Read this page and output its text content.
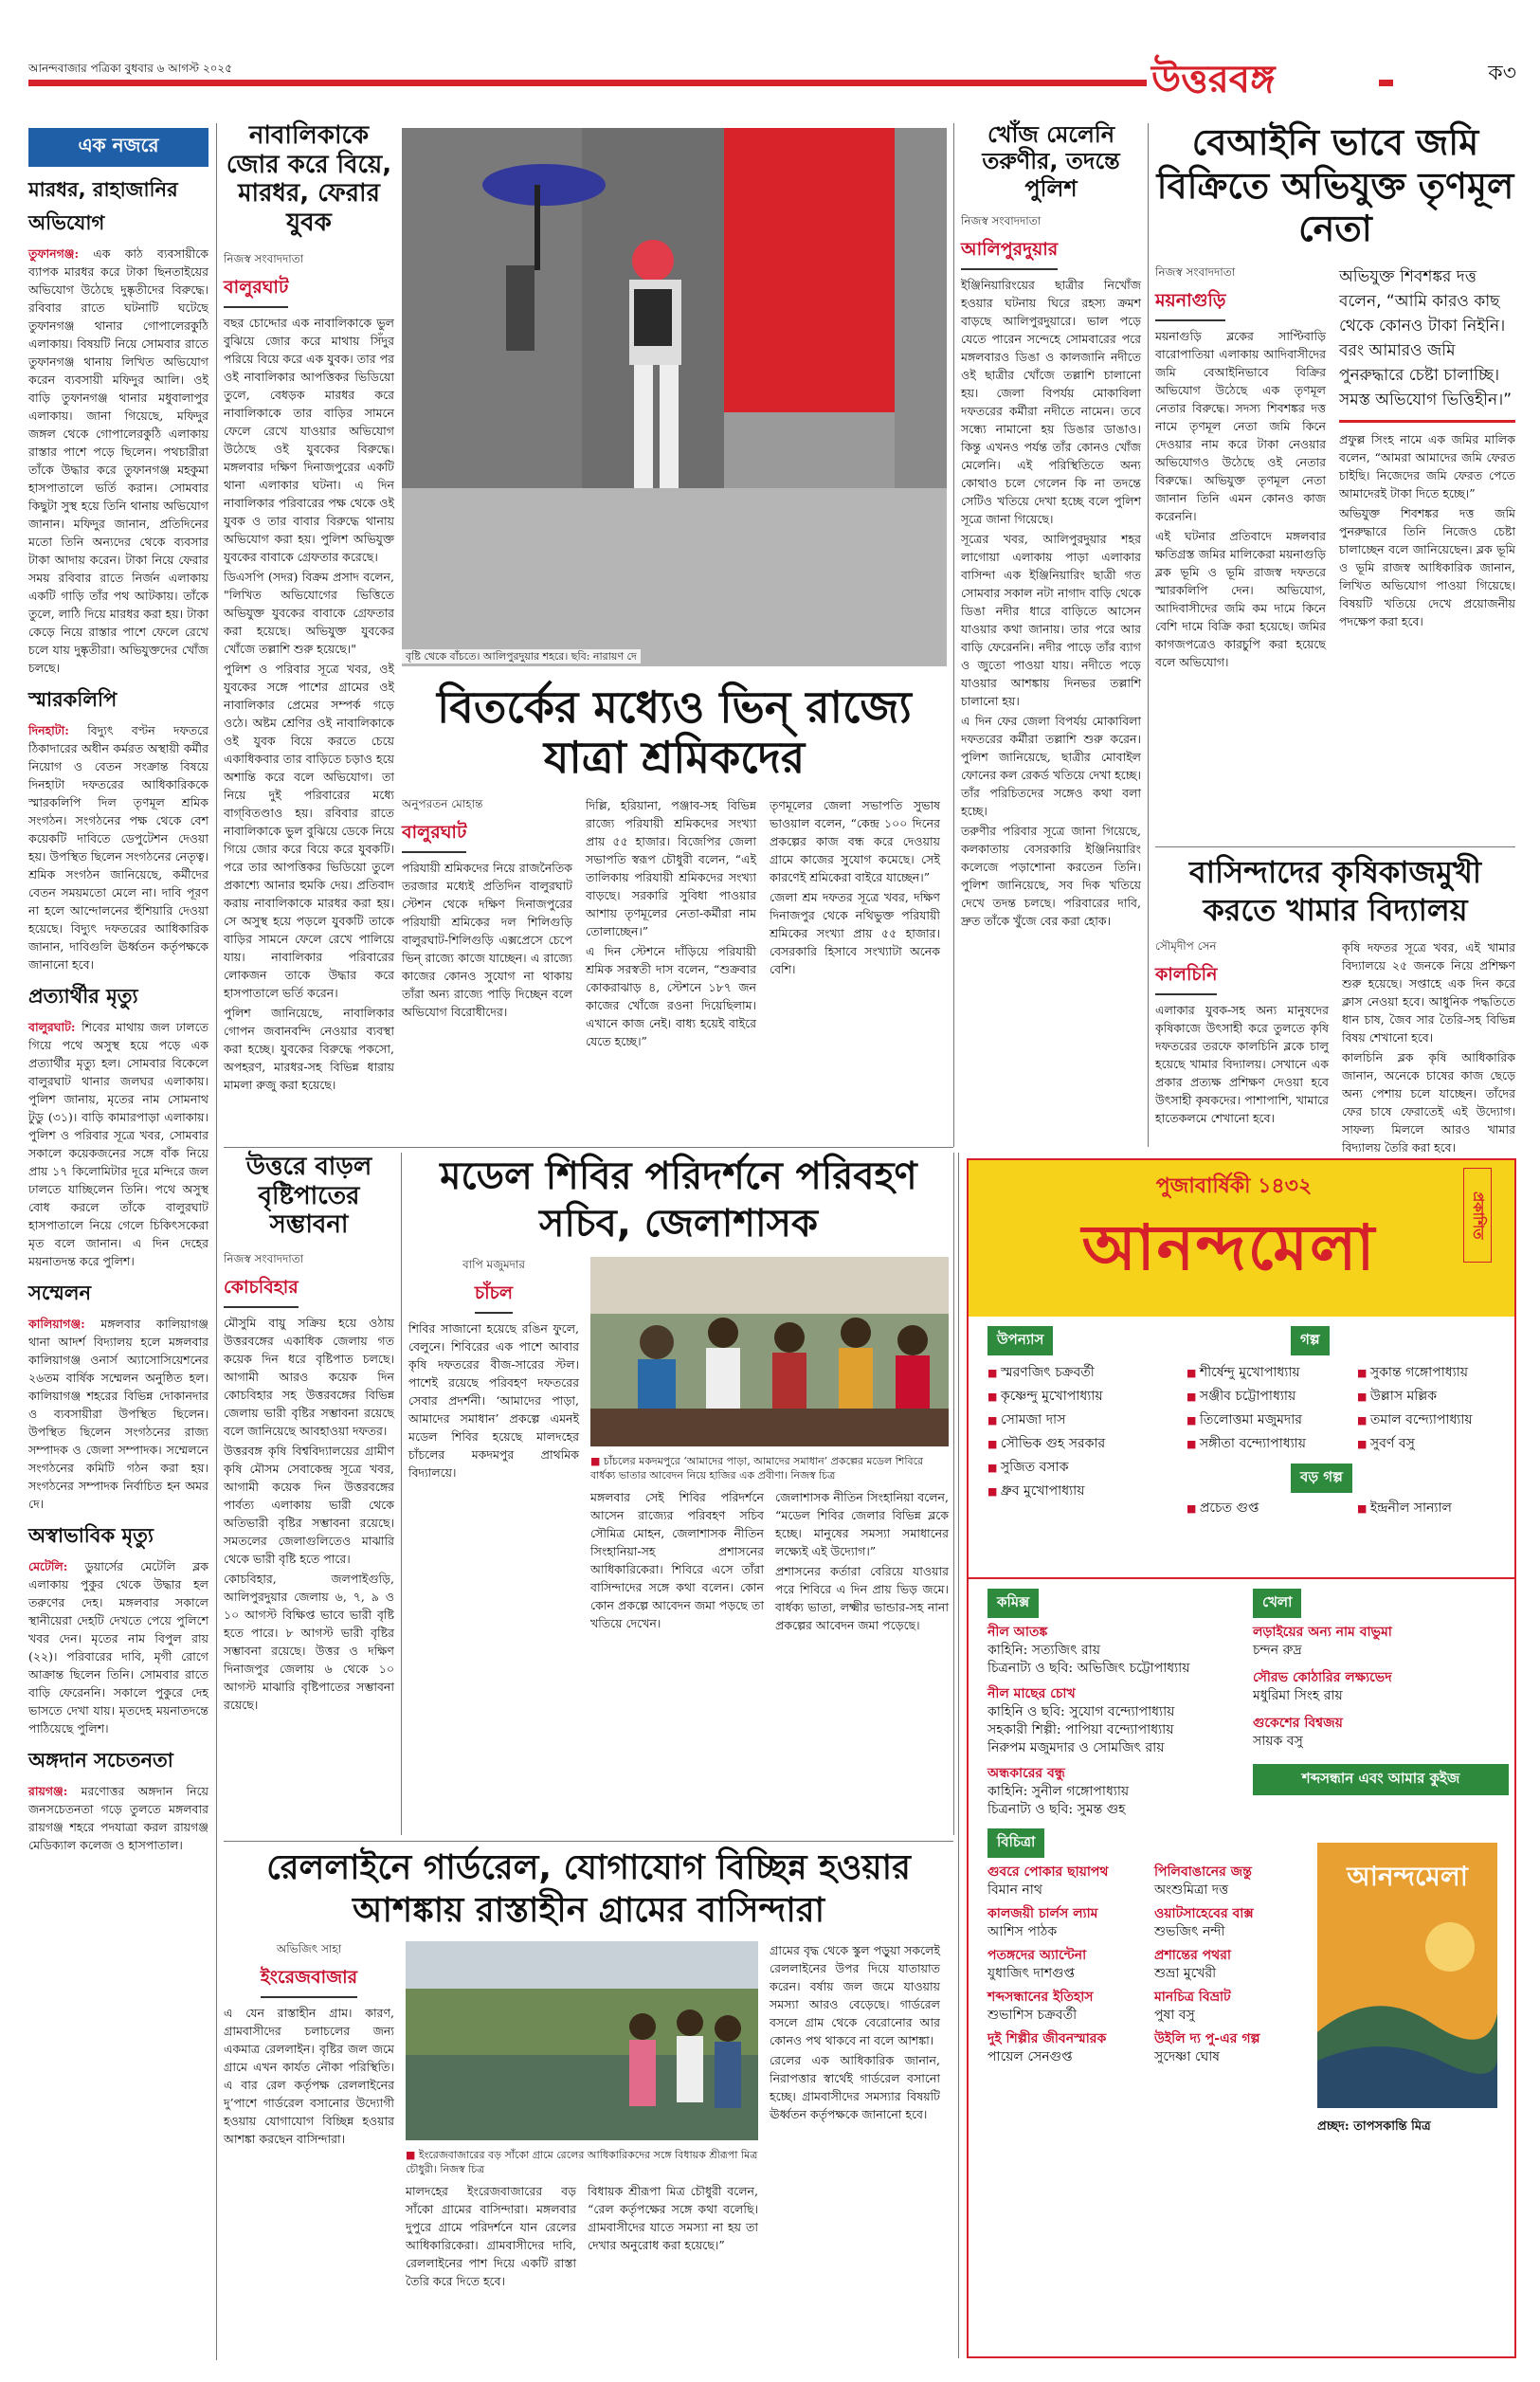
আনন্দবাজার পত্রিকা বুধবার ৬ আগস্ট ২০২৫	উত্তরবঙ্গ	ক৩
এক নজরে
মারধর, রাহাজানির অভিযোগ

তুফানগঞ্জ: এক কাঠ ব্যবসায়ীকে ব্যাপক মারধর করে টাকা ছিনতাইয়ের অভিযোগ উঠেছে দুষ্কৃতীদের বিরুদ্ধে। রবিবার রাতে ঘটনাটি ঘটেছে তুফানগঞ্জ থানার গোপালেরকুঠি এলাকায়। বিষয়টি নিয়ে সোমবার রাতে তুফানগঞ্জ থানায় লিখিত অভিযোগ করেন ব্যবসায়ী মফিদুর আলি। ওই বাড়ি তুফানগঞ্জ থানার মধুবালাপুর এলাকায়। জানা গিয়েছে, মফিদুর জঙ্গল থেকে গোপালেরকুঠি এলাকায় রাস্তার পাশে পড়ে ছিলেন। পথচারীরা তাঁকে উদ্ধার করে তুফানগঞ্জ মহকুমা হাসপাতালে ভর্তি করান। সোমবার কিছুটা সুস্থ হয়ে তিনি থানায় অভিযোগ জানান। মফিদুর জানান, প্রতিদিনের মতো তিনি অন্যদের থেকে ব্যবসার টাকা আদায় করেন। টাকা নিয়ে ফেরার সময় রবিবার রাতে নির্জন এলাকায় একটি গাড়ি তাঁর পথ আটকায়। তাঁকে তুলে, লাঠি দিয়ে মারধর করা হয়। টাকা কেড়ে নিয়ে রাস্তার পাশে ফেলে রেখে চলে যায় দুষ্কৃতীরা। অভিযুক্তদের খোঁজ চলছে।

স্মারকলিপি

দিনহাটা: বিদ্যুৎ বণ্টন দফতরে ঠিকাদারের অধীন কর্মরত অস্থায়ী কর্মীর নিয়োগ ও বেতন সংক্রান্ত বিষয়ে দিনহাটা দফতরের আধিকারিককে স্মারকলিপি দিল তৃণমূল শ্রমিক সংগঠন। সংগঠনের পক্ষ থেকে বেশ কয়েকটি দাবিতে ডেপুটেশন দেওয়া হয়। উপস্থিত ছিলেন সংগঠনের নেতৃত্ব। শ্রমিক সংগঠন জানিয়েছে, কর্মীদের বেতন সময়মতো মেলে না। দাবি পূরণ না হলে আন্দোলনের হুঁশিয়ারি দেওয়া হয়েছে। বিদ্যুৎ দফতরের আধিকারিক জানান, দাবিগুলি ঊর্ধ্বতন কর্তৃপক্ষকে জানানো হবে।

প্রত্যার্থীর মৃত্যু

বালুরঘাট: শিবের মাথায় জল ঢালতে গিয়ে পথে অসুস্থ হয়ে পড়ে এক প্রত্যার্থীর মৃত্যু হল। সোমবার বিকেলে বালুরঘাট থানার জলঘর এলাকায়। পুলিশ জানায়, মৃতের নাম সোমনাথ টুডু (৩১)। বাড়ি কামারপাড়া এলাকায়। পুলিশ ও পরিবার সূত্রে খবর, সোমবার সকালে কয়েকজনের সঙ্গে বাঁক নিয়ে প্রায় ১৭ কিলোমিটার দূরে মন্দিরে জল ঢালতে যাচ্ছিলেন তিনি। পথে অসুস্থ বোধ করলে তাঁকে বালুরঘাট হাসপাতালে নিয়ে গেলে চিকিৎসকেরা মৃত বলে জানান। এ দিন দেহের ময়নাতদন্ত করে পুলিশ।

সম্মেলন

কালিয়াগঞ্জ: মঙ্গলবার কালিয়াগঞ্জ থানা আদর্শ বিদ্যালয় হলে মঙ্গলবার কালিয়াগঞ্জ ওনার্স অ্যাসোসিয়েশনের ২৬তম বার্ষিক সম্মেলন অনুষ্ঠিত হল। কালিয়াগঞ্জ শহরের বিভিন্ন দোকানদার ও ব্যবসায়ীরা উপস্থিত ছিলেন। উপস্থিত ছিলেন সংগঠনের রাজ্য সম্পাদক ও জেলা সম্পাদক। সম্মেলনে সংগঠনের কমিটি গঠন করা হয়। সংগঠনের সম্পাদক নির্বাচিত হন অমর দে।

অস্বাভাবিক মৃত্যু

মেটেলি: ডুয়ার্সের মেটেলি ব্লক এলাকায় পুকুর থেকে উদ্ধার হল তরুণের দেহ। মঙ্গলবার সকালে স্থানীয়েরা দেহটি দেখতে পেয়ে পুলিশে খবর দেন। মৃতের নাম বিপুল রায় (২২)। পরিবারের দাবি, মৃগী রোগে আক্রান্ত ছিলেন তিনি। সোমবার রাতে বাড়ি ফেরেননি। সকালে পুকুরে দেহ ভাসতে দেখা যায়। মৃতদেহ ময়নাতদন্তে পাঠিয়েছে পুলিশ।

অঙ্গদান সচেতনতা

রায়গঞ্জ: মরণোত্তর অঙ্গদান নিয়ে জনসচেতনতা গড়ে তুলতে মঙ্গলবার রায়গঞ্জ শহরে পদযাত্রা করল রায়গঞ্জ মেডিক্যাল কলেজ ও হাসপাতাল।

নাবালিকাকে জোর করে বিয়ে, মারধর, ফেরার যুবক
নিজস্ব সংবাদদাতা
বালুরঘাট

বছর চোদ্দোর এক নাবালিকাকে ভুল বুঝিয়ে জোর করে মাথায় সিঁদুর পরিয়ে বিয়ে করে এক যুবক। তার পর ওই নাবালিকার আপত্তিকর ভিডিয়ো তুলে, বেধড়ক মারধর করে নাবালিকাকে তার বাড়ির সামনে ফেলে রেখে যাওয়ার অভিযোগ উঠেছে ওই যুবকের বিরুদ্ধে। মঙ্গলবার দক্ষিণ দিনাজপুরের একটি থানা এলাকার ঘটনা। এ দিন নাবালিকার পরিবারের পক্ষ থেকে ওই যুবক ও তার বাবার বিরুদ্ধে থানায় অভিযোগ করা হয়। পুলিশ অভিযুক্ত যুবকের বাবাকে গ্রেফতার করেছে।

ডিএসপি (সদর) বিক্রম প্রসাদ বলেন, "লিখিত অভিযোগের ভিত্তিতে অভিযুক্ত যুবকের বাবাকে গ্রেফতার করা হয়েছে। অভিযুক্ত যুবকের খোঁজে তল্লাশি শুরু হয়েছে।"

পুলিশ ও পরিবার সূত্রে খবর, ওই যুবকের সঙ্গে পাশের গ্রামের ওই নাবালিকার প্রেমের সম্পর্ক গড়ে ওঠে। অষ্টম শ্রেণির ওই নাবালিকাকে ওই যুবক বিয়ে করতে চেয়ে একাধিকবার তার বাড়িতে চড়াও হয়ে অশান্তি করে বলে অভিযোগ। তা নিয়ে দুই পরিবারের মধ্যে বাগ্‌বিতণ্ডাও হয়। রবিবার রাতে নাবালিকাকে ভুল বুঝিয়ে ডেকে নিয়ে গিয়ে জোর করে বিয়ে করে যুবকটি। পরে তার আপত্তিকর ভিডিয়ো তুলে প্রকাশ্যে আনার হুমকি দেয়। প্রতিবাদ করায় নাবালিকাকে মারধর করা হয়। সে অসুস্থ হয়ে পড়লে যুবকটি তাকে বাড়ির সামনে ফেলে রেখে পালিয়ে যায়। নাবালিকার পরিবারের লোকজন তাকে উদ্ধার করে হাসপাতালে ভর্তি করেন।

পুলিশ জানিয়েছে, নাবালিকার গোপন জবানবন্দি নেওয়ার ব্যবস্থা করা হচ্ছে। যুবকের বিরুদ্ধে পকসো, অপহরণ, মারধর-সহ বিভিন্ন ধারায় মামলা রুজু করা হয়েছে।

বৃষ্টি থেকে বাঁচতে। আলিপুরদুয়ার শহরে। ছবি: নারায়ণ দে
বিতর্কের মধ্যেও ভিন্ রাজ্যে যাত্রা শ্রমিকদের
অনুপরতন মোহান্ত
বালুরঘাট

পরিযায়ী শ্রমিকদের নিয়ে রাজনৈতিক তরজার মধ্যেই প্রতিদিন বালুরঘাট স্টেশন থেকে দক্ষিণ দিনাজপুরের পরিযায়ী শ্রমিকের দল শিলিগুড়ি বালুরঘাট-শিলিগুড়ি এক্সপ্রেসে চেপে ভিন্ রাজ্যে কাজে যাচ্ছেন। এ রাজ্যে কাজের কোনও সুযোগ না থাকায় তাঁরা অন্য রাজ্যে পাড়ি দিচ্ছেন বলে অভিযোগ বিরোধীদের।

দিল্লি, হরিয়ানা, পঞ্জাব-সহ বিভিন্ন রাজ্যে পরিযায়ী শ্রমিকদের সংখ্যা প্রায় ৫৫ হাজার। বিজেপির জেলা সভাপতি স্বরূপ চৌধুরী বলেন, “এই তালিকায় পরিযায়ী শ্রমিকদের সংখ্যা বাড়ছে। সরকারি সুবিধা পাওয়ার আশায় তৃণমূলের নেতা-কর্মীরা নাম তোলাচ্ছেন।”

এ দিন স্টেশনে দাঁড়িয়ে পরিযায়ী শ্রমিক সরস্বতী দাস বলেন, “শুক্রবার কোকরাঝাড় ৪, স্টেশনে ১৮৭ জন কাজের খোঁজে রওনা দিয়েছিলাম। এখানে কাজ নেই। বাধ্য হয়েই বাইরে যেতে হচ্ছে।”

তৃণমূলের জেলা সভাপতি সুভাষ ভাওয়াল বলেন, “কেন্দ্র ১০০ দিনের প্রকল্পের কাজ বন্ধ করে দেওয়ায় গ্রামে কাজের সুযোগ কমেছে। সেই কারণেই শ্রমিকেরা বাইরে যাচ্ছেন।”

জেলা শ্রম দফতর সূত্রে খবর, দক্ষিণ দিনাজপুর থেকে নথিভুক্ত পরিযায়ী শ্রমিকের সংখ্যা প্রায় ৫৫ হাজার। বেসরকারি হিসাবে সংখ্যাটা অনেক বেশি।

খোঁজ মেলেনি তরুণীর, তদন্তে পুলিশ
নিজস্ব সংবাদদাতা
আলিপুরদুয়ার

ইঞ্জিনিয়ারিংয়ের ছাত্রীর নিখোঁজ হওয়ার ঘটনায় ঘিরে রহস্য ক্রমশ বাড়ছে আলিপুরদুয়ারে। ভাল পড়ে যেতে পারেন সন্দেহে সোমবারের পরে মঙ্গলবারও ডিঙা ও কালজানি নদীতে ওই ছাত্রীর খোঁজে তল্লাশি চালানো হয়। জেলা বিপর্যয় মোকাবিলা দফতরের কর্মীরা নদীতে নামেন। তবে সন্ধ্যে নামানো হয় ডিঙার ডাঙাও। কিন্তু এখনও পর্যন্ত তাঁর কোনও খোঁজ মেলেনি। এই পরিস্থিতিতে অন্য কোথাও চলে গেলেন কি না তদন্তে সেটিও খতিয়ে দেখা হচ্ছে বলে পুলিশ সূত্রে জানা গিয়েছে।

সূত্রের খবর, আলিপুরদুয়ার শহর লাগোয়া এলাকায় পাড়া এলাকার বাসিন্দা এক ইঞ্জিনিয়ারিং ছাত্রী গত সোমবার সকাল নটা নাগাদ বাড়ি থেকে ডিঙা নদীর ধারে বাড়িতে আসেন যাওয়ার কথা জানায়। তার পরে আর বাড়ি ফেরেননি। নদীর পাড়ে তাঁর ব্যাগ ও জুতো পাওয়া যায়। নদীতে পড়ে যাওয়ার আশঙ্কায় দিনভর তল্লাশি চালানো হয়।

এ দিন ফের জেলা বিপর্যয় মোকাবিলা দফতরের কর্মীরা তল্লাশি শুরু করেন। পুলিশ জানিয়েছে, ছাত্রীর মোবাইল ফোনের কল রেকর্ড খতিয়ে দেখা হচ্ছে। তাঁর পরিচিতদের সঙ্গেও কথা বলা হচ্ছে।

তরুণীর পরিবার সূত্রে জানা গিয়েছে, কলকাতায় বেসরকারি ইঞ্জিনিয়ারিং কলেজে পড়াশোনা করতেন তিনি। পুলিশ জানিয়েছে, সব দিক খতিয়ে দেখে তদন্ত চলছে। পরিবারের দাবি, দ্রুত তাঁকে খুঁজে বের করা হোক।

বেআইনি ভাবে জমি বিক্রিতে অভিযুক্ত তৃণমূল নেতা
নিজস্ব সংবাদদাতা
ময়নাগুড়ি

ময়নাগুড়ি ব্লকের সাপ্টিবাড়ি বারোপাতিয়া এলাকায় আদিবাসীদের জমি বেআইনিভাবে বিক্রির অভিযোগ উঠেছে এক তৃণমূল নেতার বিরুদ্ধে। সদস্য শিবশঙ্কর দত্ত নামে তৃণমূল নেতা জমি কিনে দেওয়ার নাম করে টাকা নেওয়ার অভিযোগও উঠেছে ওই নেতার বিরুদ্ধে। অভিযুক্ত তৃণমূল নেতা জানান তিনি এমন কোনও কাজ করেননি।

এই ঘটনার প্রতিবাদে মঙ্গলবার ক্ষতিগ্রস্ত জমির মালিকেরা ময়নাগুড়ি ব্লক ভূমি ও ভূমি রাজস্ব দফতরে স্মারকলিপি দেন। অভিযোগ, আদিবাসীদের জমি কম দামে কিনে বেশি দামে বিক্রি করা হয়েছে। জমির কাগজপত্রেও কারচুপি করা হয়েছে বলে অভিযোগ।

অভিযুক্ত শিবশঙ্কর দত্ত বলেন, “আমি কারও কাছ থেকে কোনও টাকা নিইনি। বরং আমারও জমি পুনরুদ্ধারে চেষ্টা চালাচ্ছি। সমস্ত অভিযোগ ভিত্তিহীন।”

প্রফুল্ল সিংহ নামে এক জমির মালিক বলেন, “আমরা আমাদের জমি ফেরত চাইছি। নিজেদের জমি ফেরত পেতে আমাদেরই টাকা দিতে হচ্ছে।”

অভিযুক্ত শিবশঙ্কর দত্ত জমি পুনরুদ্ধারে তিনি নিজেও চেষ্টা চালাচ্ছেন বলে জানিয়েছেন। ব্লক ভূমি ও ভূমি রাজস্ব আধিকারিক জানান, লিখিত অভিযোগ পাওয়া গিয়েছে। বিষয়টি খতিয়ে দেখে প্রয়োজনীয় পদক্ষেপ করা হবে।

বাসিন্দাদের কৃষিকাজমুখী করতে খামার বিদ্যালয়
সৌমৃদীপ সেন
কালচিনি

এলাকার যুবক-সহ অন্য মানুষদের কৃষিকাজে উৎসাহী করে তুলতে কৃষি দফতরের তরফে কালচিনি ব্লকে চালু হয়েছে খামার বিদ্যালয়। সেখানে এক প্রকার প্রত্যক্ষ প্রশিক্ষণ দেওয়া হবে উৎসাহী কৃষকদের। পাশাপাশি, খামারে হাতেকলমে শেখানো হবে।

কৃষি দফতর সূত্রে খবর, এই খামার বিদ্যালয়ে ২৫ জনকে নিয়ে প্রশিক্ষণ শুরু হয়েছে। সপ্তাহে এক দিন করে ক্লাস নেওয়া হবে। আধুনিক পদ্ধতিতে ধান চাষ, জৈব সার তৈরি-সহ বিভিন্ন বিষয় শেখানো হবে।

কালচিনি ব্লক কৃষি আধিকারিক জানান, অনেকে চাষের কাজ ছেড়ে অন্য পেশায় চলে যাচ্ছেন। তাঁদের ফের চাষে ফেরাতেই এই উদ্যোগ। সাফল্য মিললে আরও খামার বিদ্যালয় তৈরি করা হবে।

উত্তরে বাড়ল বৃষ্টিপাতের সম্ভাবনা
নিজস্ব সংবাদদাতা
কোচবিহার

মৌসুমি বায়ু সক্রিয় হয়ে ওঠায় উত্তরবঙ্গের একাধিক জেলায় গত কয়েক দিন ধরে বৃষ্টিপাত চলছে। আগামী আরও কয়েক দিন কোচবিহার সহ উত্তরবঙ্গের বিভিন্ন জেলায় ভারী বৃষ্টির সম্ভাবনা রয়েছে বলে জানিয়েছে আবহাওয়া দফতর।

উত্তরবঙ্গ কৃষি বিশ্ববিদ্যালয়ের গ্রামীণ কৃষি মৌসম সেবাকেন্দ্র সূত্রে খবর, আগামী কয়েক দিন উত্তরবঙ্গের পার্বত্য এলাকায় ভারী থেকে অতিভারী বৃষ্টির সম্ভাবনা রয়েছে। সমতলের জেলাগুলিতেও মাঝারি থেকে ভারী বৃষ্টি হতে পারে।

কোচবিহার, জলপাইগুড়ি, আলিপুরদুয়ার জেলায় ৬, ৭, ৯ ও ১০ আগস্ট বিক্ষিপ্ত ভাবে ভারী বৃষ্টি হতে পারে। ৮ আগস্ট ভারী বৃষ্টির সম্ভাবনা রয়েছে। উত্তর ও দক্ষিণ দিনাজপুর জেলায় ৬ থেকে ১০ আগস্ট মাঝারি বৃষ্টিপাতের সম্ভাবনা রয়েছে।

মডেল শিবির পরিদর্শনে পরিবহণ সচিব, জেলাশাসক
বাপি মজুমদার
চাঁচল

শিবির সাজানো হয়েছে রঙিন ফুলে, বেলুনে। শিবিরের এক পাশে আবার কৃষি দফতরের বীজ-সারের স্টল। পাশেই রয়েছে পরিবহণ দফতরের সেবার প্রদর্শনী। ‘আমাদের পাড়া, আমাদের সমাধান’ প্রকল্পে এমনই মডেল শিবির হয়েছে মালদহের চাঁচলের মকদমপুর প্রাথমিক বিদ্যালয়ে।

■ চাঁচলের মকদমপুরে ‘আমাদের পাড়া, আমাদের সমাধান’ প্রকল্পের মডেল শিবিরে বার্ধক্য ভাতার আবেদন নিয়ে হাজির এক প্রবীণা। নিজস্ব চিত্র

মঙ্গলবার সেই শিবির পরিদর্শনে আসেন রাজ্যের পরিবহণ সচিব সৌমিত্র মোহন, জেলাশাসক নীতিন সিংহানিয়া-সহ প্রশাসনের আধিকারিকেরা। শিবিরে এসে তাঁরা বাসিন্দাদের সঙ্গে কথা বলেন। কোন কোন প্রকল্পে আবেদন জমা পড়ছে তা খতিয়ে দেখেন।

জেলাশাসক নীতিন সিংহানিয়া বলেন, “মডেল শিবির জেলার বিভিন্ন ব্লকে হচ্ছে। মানুষের সমস্যা সমাধানের লক্ষ্যেই এই উদ্যোগ।”

প্রশাসনের কর্তারা বেরিয়ে যাওয়ার পরে শিবিরে এ দিন প্রায় ভিড় জমে। বার্ধক্য ভাতা, লক্ষ্মীর ভান্ডার-সহ নানা প্রকল্পের আবেদন জমা পড়েছে।

রেললাইনে গার্ডরেল, যোগাযোগ বিচ্ছিন্ন হওয়ার আশঙ্কায় রাস্তাহীন গ্রামের বাসিন্দারা
অভিজিৎ সাহা
ইংরেজবাজার

এ যেন রাস্তাহীন গ্রাম। কারণ, গ্রামবাসীদের চলাচলের জন্য একমাত্র রেললাইন। বৃষ্টির জল জমে গ্রামে এখন কার্যত নৌকা পরিস্থিতি। এ বার রেল কর্তৃপক্ষ রেললাইনের দু’পাশে গার্ডরেল বসানোর উদ্যোগী হওয়ায় যোগাযোগ বিচ্ছিন্ন হওয়ার আশঙ্কা করছেন বাসিন্দারা।

■ ইংরেজবাজারের বড় সাঁকো গ্রামে রেলের আধিকারিকদের সঙ্গে বিধায়ক শ্রীরূপা মিত্র চৌধুরী। নিজস্ব চিত্র

মালদহের ইংরেজবাজারের বড় সাঁকো গ্রামের বাসিন্দারা। মঙ্গলবার দুপুরে গ্রামে পরিদর্শনে যান রেলের আধিকারিকেরা। গ্রামবাসীদের দাবি, রেললাইনের পাশ দিয়ে একটি রাস্তা তৈরি করে দিতে হবে।

বিধায়ক শ্রীরূপা মিত্র চৌধুরী বলেন, “রেল কর্তৃপক্ষের সঙ্গে কথা বলেছি। গ্রামবাসীদের যাতে সমস্যা না হয় তা দেখার অনুরোধ করা হয়েছে।”

গ্রামের বৃদ্ধ থেকে স্কুল পড়ুয়া সকলেই রেললাইনের উপর দিয়ে যাতায়াত করেন। বর্ষায় জল জমে যাওয়ায় সমস্যা আরও বেড়েছে। গার্ডরেল বসলে গ্রাম থেকে বেরোনোর আর কোনও পথ থাকবে না বলে আশঙ্কা।

রেলের এক আধিকারিক জানান, নিরাপত্তার স্বার্থেই গার্ডরেল বসানো হচ্ছে। গ্রামবাসীদের সমস্যার বিষয়টি ঊর্ধ্বতন কর্তৃপক্ষকে জানানো হবে।

পুজাবার্ষিকী ১৪৩২
প্রকাশিত
আনন্দমেলা
উপন্যাস
■ স্মরণজিৎ চক্রবর্তী
■ কৃষ্ণেন্দু মুখোপাধ্যায়
■ সোমজা দাস
■ সৌভিক গুহ সরকার
■ সুজিত বসাক
■ ধ্রুব মুখোপাধ্যায়
গল্প
■ শীর্ষেন্দু মুখোপাধ্যায়
■ সঞ্জীব চট্টোপাধ্যায়
■ তিলোত্তমা মজুমদার
■ সঙ্গীতা বন্দ্যোপাধ্যায়
■ সুকান্ত গঙ্গোপাধ্যায়
■ উল্লাস মল্লিক
■ তমাল বন্দ্যোপাধ্যায়
■ সুবর্ণ বসু
বড় গল্প
■ প্রচেত গুপ্ত
■	ইন্দ্রনীল সান্যাল
কমিক্স
নীল আতঙ্ক
কাহিনি: সত্যজিৎ রায়
চিত্রনাট্য ও ছবি: অভিজিৎ চট্টোপাধ্যায়
নীল মাছের চোখ
কাহিনি ও ছবি: সুযোগ বন্দ্যোপাধ্যায়
সহকারী শিল্পী: পাপিয়া বন্দ্যোপাধ্যায়
নিরুপম মজুমদার ও সোমজিৎ রায়
অন্ধকারের বন্ধু
কাহিনি: সুনীল গঙ্গোপাধ্যায়
চিত্রনাট্য ও ছবি: সুমন্ত গুহ
খেলা
লড়াইয়ের অন্য নাম বাভুমা
চন্দন রুদ্র
সৌরভ কোঠারির লক্ষ্যভেদ
মধুরিমা সিংহ রায়
গুকেশের বিশ্বজয়
সায়ক বসু
শব্দসন্ধান এবং আমার কুইজ
বিচিত্রা
গুবরে পোকার ছায়াপথ
বিমান নাথ
কালজয়ী চার্লস ল্যাম
আশিস পাঠক
পতঙ্গদের অ্যান্টেনা
যুধাজিৎ দাশগুপ্ত
শব্দসন্ধানের ইতিহাস
শুভাশিস চক্রবর্তী
দুই শিল্পীর জীবনস্মারক
পায়েল সেনগুপ্ত
পিলিবাঙানের জন্তু
অংশুমিত্রা দত্ত
ওয়াটসাহেবের বাক্স
শুভজিৎ নন্দী
প্রশান্তের পথরা
শুভ্রা মুখেরী
মানচিত্র বিভ্রাট
পুষা বসু
উইলি দ্য পু-এর গল্প
সুদেষ্ণা ঘোষ
আনন্দমেলা
প্রচ্ছদ: তাপসকান্তি মিত্র
